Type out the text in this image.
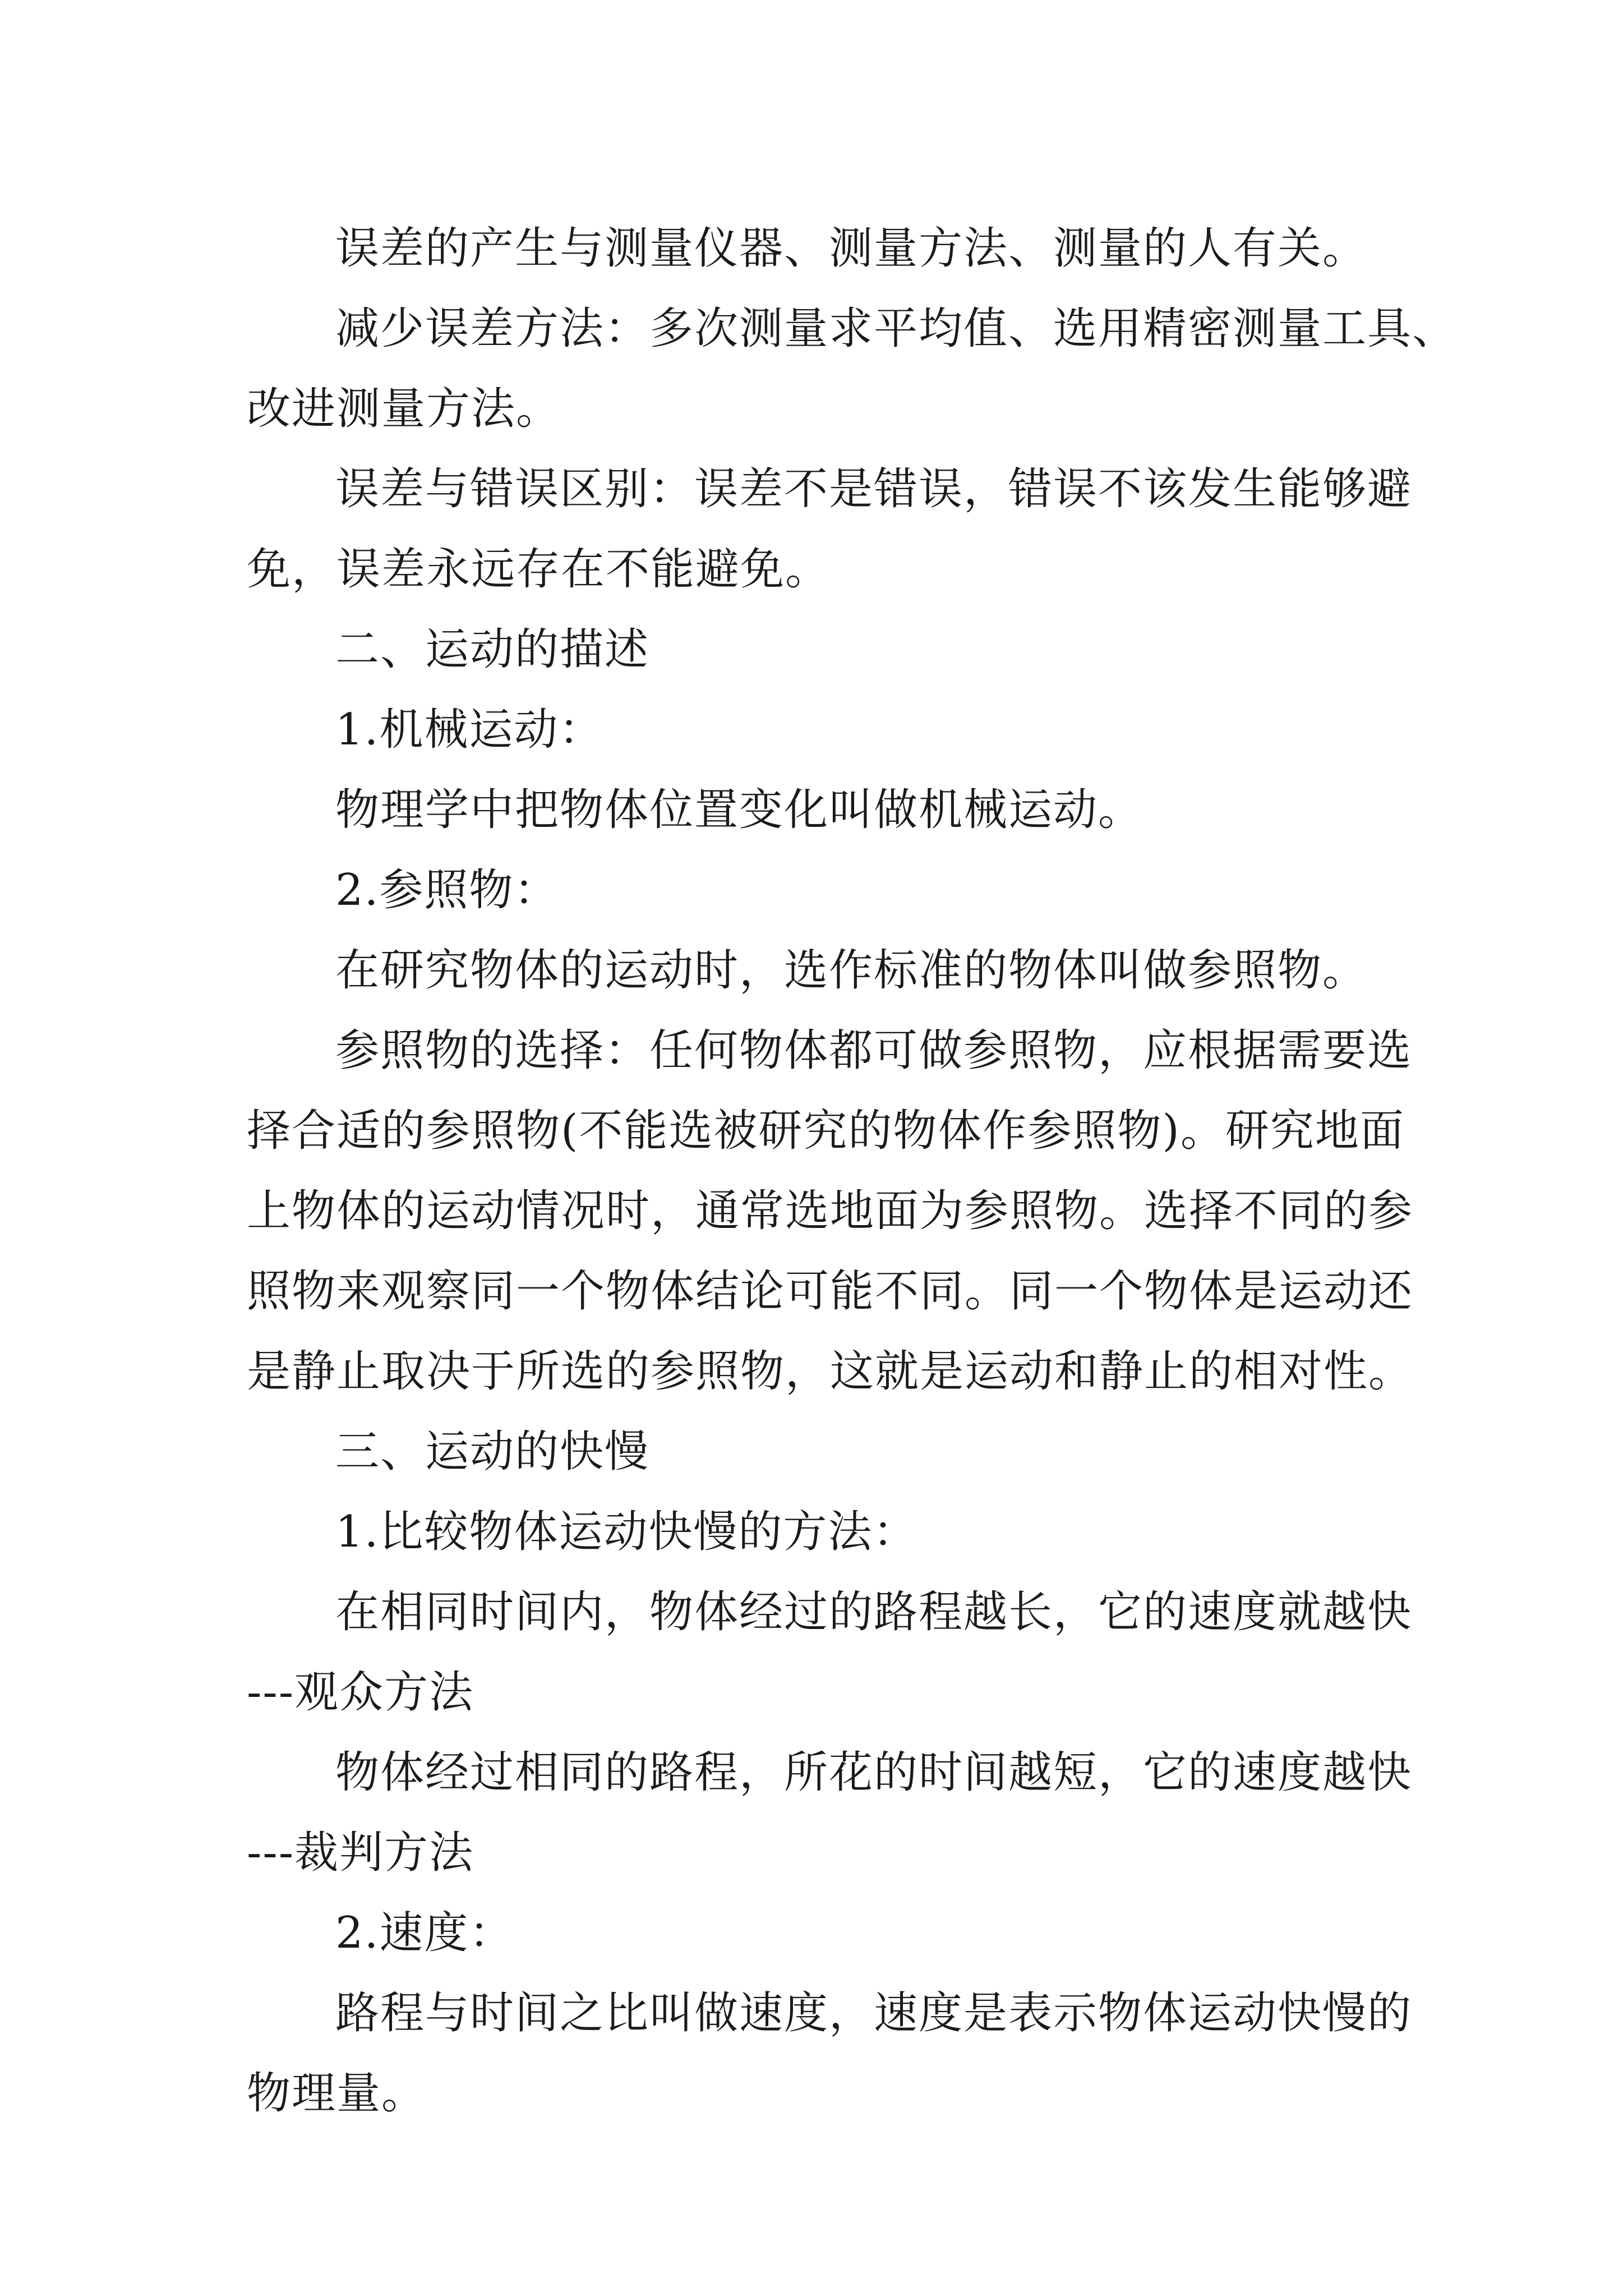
误差的产生与测量仪器、测量方法、测量的人有关。
减少误差方法：多次测量求平均值、选用精密测量工具、
改进测量方法。
误差与错误区别：误差不是错误，错误不该发生能够避
免，误差永远存在不能避免。
二、运动的描述
1.机械运动：
物理学中把物体位置变化叫做机械运动。
2.参照物：
在研究物体的运动时，选作标准的物体叫做参照物。
参照物的选择：任何物体都可做参照物，应根据需要选
择合适的参照物(不能选被研究的物体作参照物)。研究地面
上物体的运动情况时，通常选地面为参照物。选择不同的参
照物来观察同一个物体结论可能不同。同一个物体是运动还
是静止取决于所选的参照物，这就是运动和静止的相对性。
三、运动的快慢
1.比较物体运动快慢的方法：
在相同时间内，物体经过的路程越长，它的速度就越快
---观众方法
物体经过相同的路程，所花的时间越短，它的速度越快
---裁判方法
2.速度：
路程与时间之比叫做速度，速度是表示物体运动快慢的
物理量。
